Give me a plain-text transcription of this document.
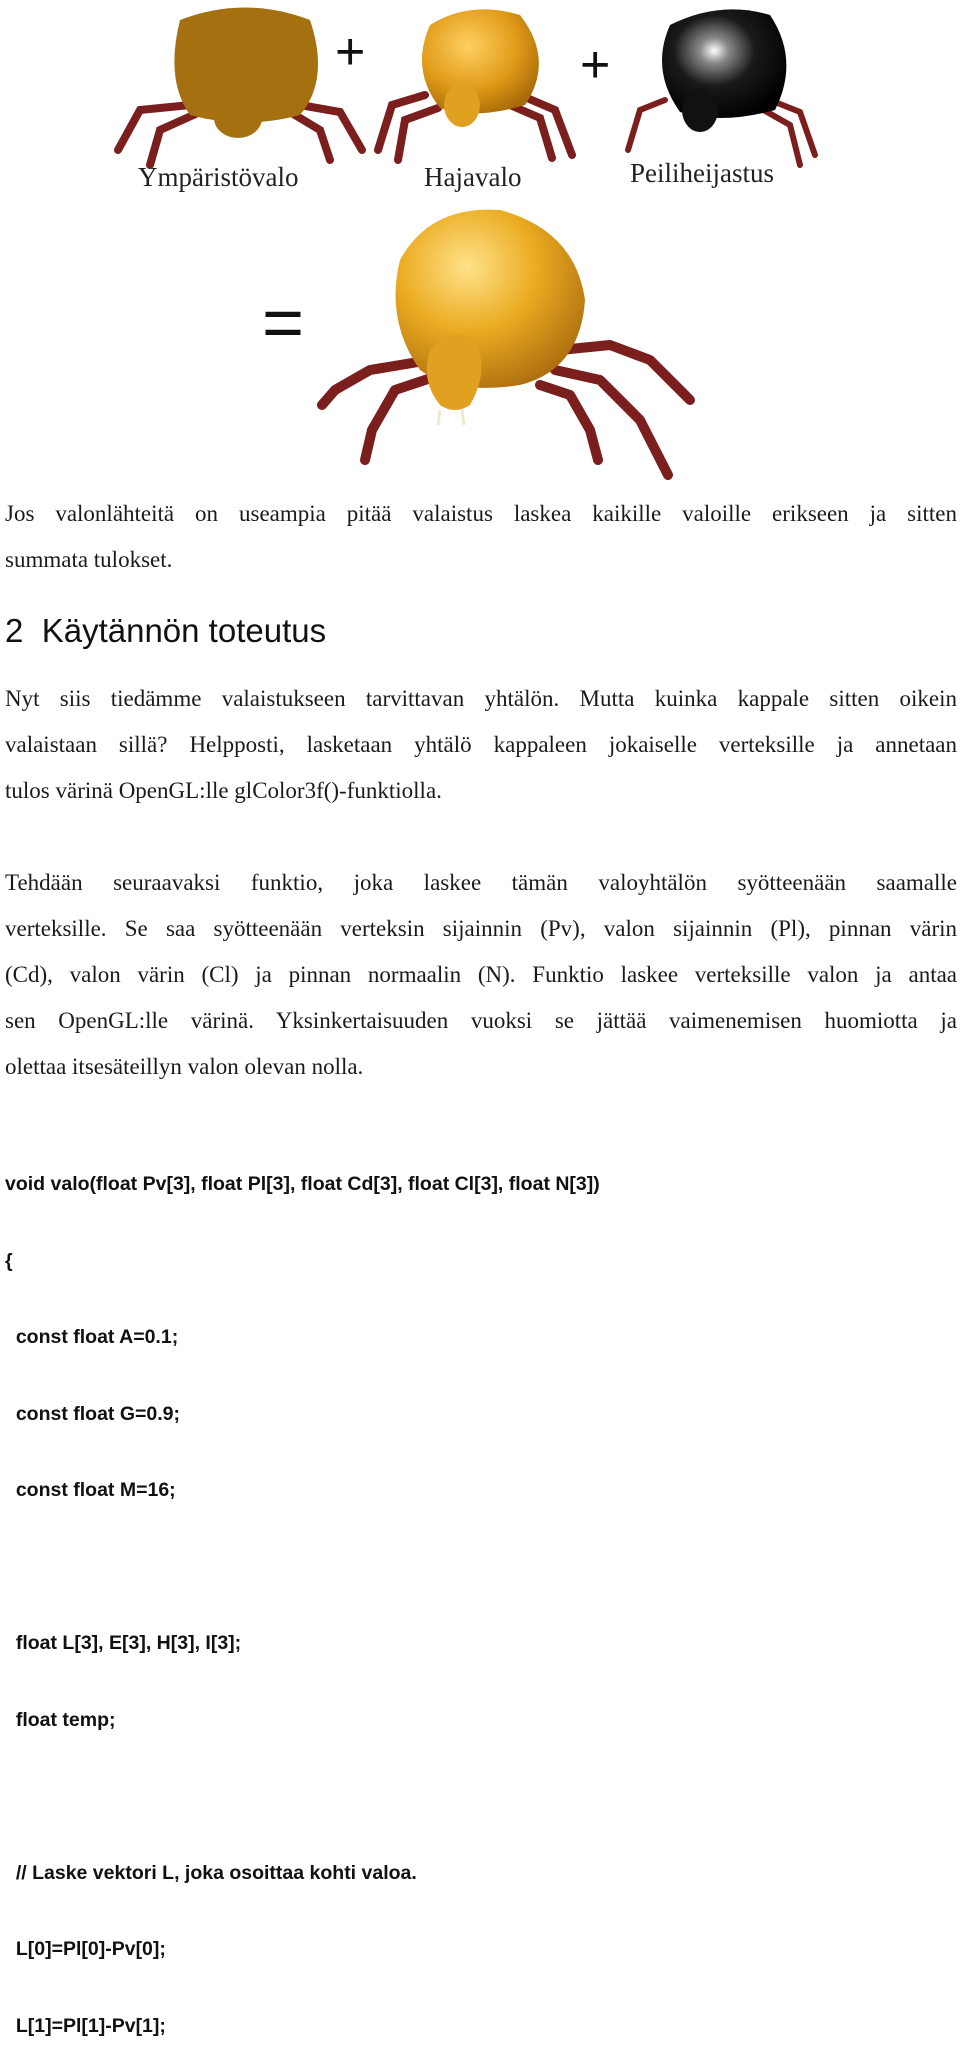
+	+
=
Ympäristövalo	Hajavalo	Peiliheijastus
Jos valonlähteitä on useampia pitää valaistus laskea kaikille valoille erikseen ja sitten
summata tulokset.
2 Käytännön toteutus
Nyt siis tiedämme valaistukseen tarvittavan yhtälön. Mutta kuinka kappale sitten oikein
valaistaan sillä? Helpposti, lasketaan yhtälö kappaleen jokaiselle verteksille ja annetaan
tulos värinä OpenGL:lle glColor3f()-funktiolla.
Tehdään seuraavaksi funktio, joka laskee tämän valoyhtälön syötteenään saamalle
verteksille. Se saa syötteenään verteksin sijainnin (Pv), valon sijainnin (Pl), pinnan värin
(Cd), valon värin (Cl) ja pinnan normaalin (N). Funktio laskee verteksille valon ja antaa
sen OpenGL:lle värinä. Yksinkertaisuuden vuoksi se jättää vaimenemisen huomiotta ja
olettaa itsesäteillyn valon olevan nolla.

void valo(float Pv[3], float Pl[3], float Cd[3], float Cl[3], float N[3])

{

const float A=0.1;

const float G=0.9;

const float M=16;

float L[3], E[3], H[3], I[3];

float temp;

// Laske vektori L, joka osoittaa kohti valoa.

L[0]=Pl[0]-Pv[0];

L[1]=Pl[1]-Pv[1];
